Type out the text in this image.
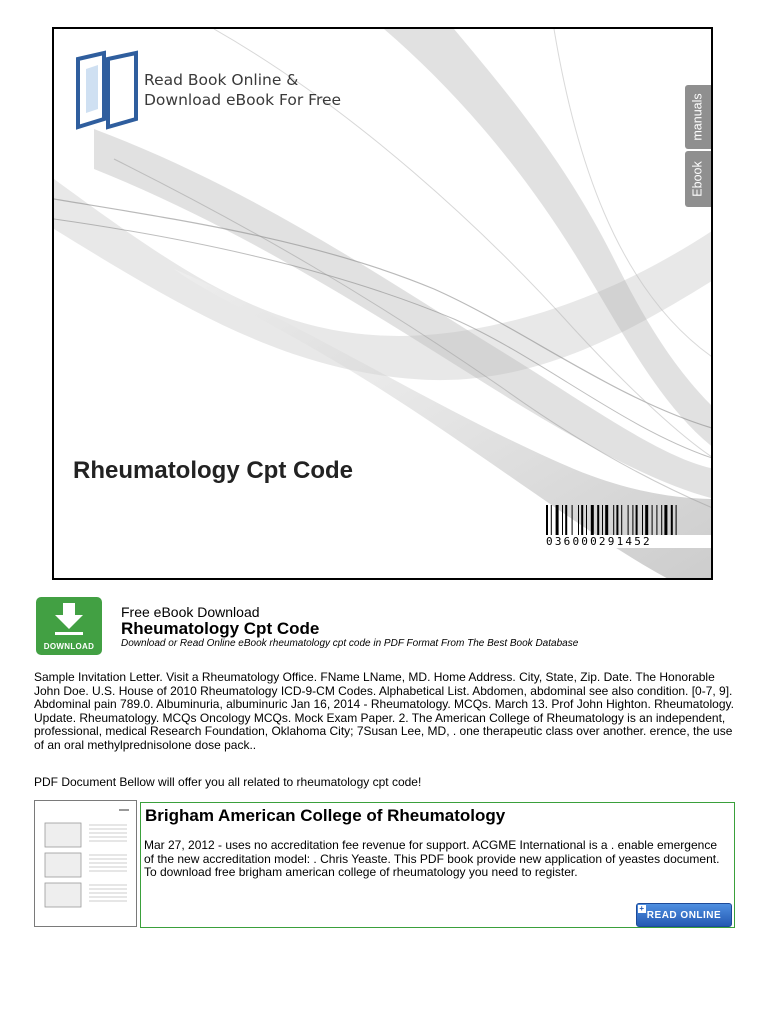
Read Book Online &
Download eBook For Free	manuals
Ebook
Rheumatology Cpt Code
036000291452
DOWNLOAD
Free eBook Download
Rheumatology Cpt Code
Download or Read Online eBook rheumatology cpt code in PDF Format From The Best Book Database
Sample Invitation Letter. Visit a Rheumatology Office. FName LName, MD. Home Address. City, State, Zip. Date. The Honorable John Doe. U.S. House of 2010 Rheumatology ICD-9-CM Codes. Alphabetical List. Abdomen, abdominal see also condition. [0-7, 9]. Abdominal pain 789.0. Albuminuria, albuminuric Jan 16, 2014 - Rheumatology. MCQs. March 13. Prof John Highton. Rheumatology. Update. Rheumatology. MCQs Oncology MCQs. Mock Exam Paper. 2. The American College of Rheumatology is an independent, professional, medical Research Foundation, Oklahoma City; 7Susan Lee, MD, . one therapeutic class over another. erence, the use of an oral methylprednisolone dose pack..
PDF Document Bellow will offer you all related to rheumatology cpt code!
Brigham American College of Rheumatology
Mar 27, 2012 - uses no accreditation fee revenue for support. ACGME International is a . enable emergence of the new accreditation model: . Chris Yeaste. This PDF book provide new application of yeastes document. To download free brigham american college of rheumatology you need to register.
+
READ ONLINE
